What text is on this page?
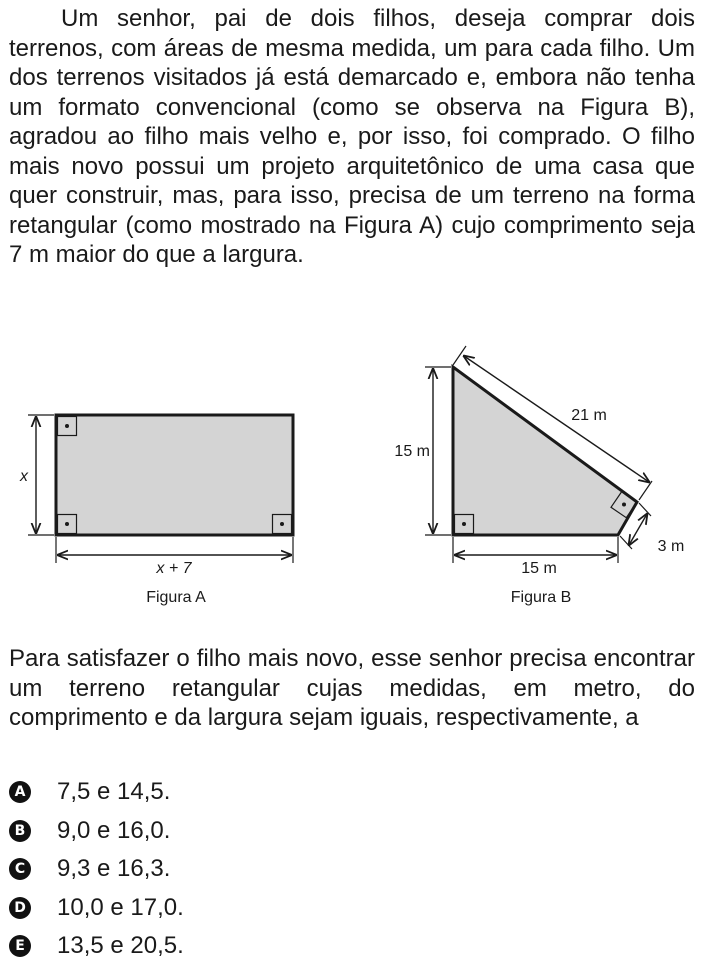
Um senhor, pai de dois filhos, deseja comprar dois terrenos, com áreas de mesma medida, um para cada filho. Um dos terrenos visitados já está demarcado e, embora não tenha um formato convencional (como se observa na Figura B), agradou ao filho mais velho e, por isso, foi comprado. O filho mais novo possui um projeto arquitetônico de uma casa que quer construir, mas, para isso, precisa de um terreno na forma retangular (como mostrado na Figura A) cujo comprimento seja 7 m maior do que a largura.

x
x + 7
Figura A
15 m
15 m
21 m
3 m
Figura B

Para satisfazer o filho mais novo, esse senhor precisa encontrar um terreno retangular cujas medidas, em metro, do comprimento e da largura sejam iguais, respectivamente, a

A 7,5 e 14,5.
B 9,0 e 16,0.
C 9,3 e 16,3.
D 10,0 e 17,0.
E 13,5 e 20,5.
